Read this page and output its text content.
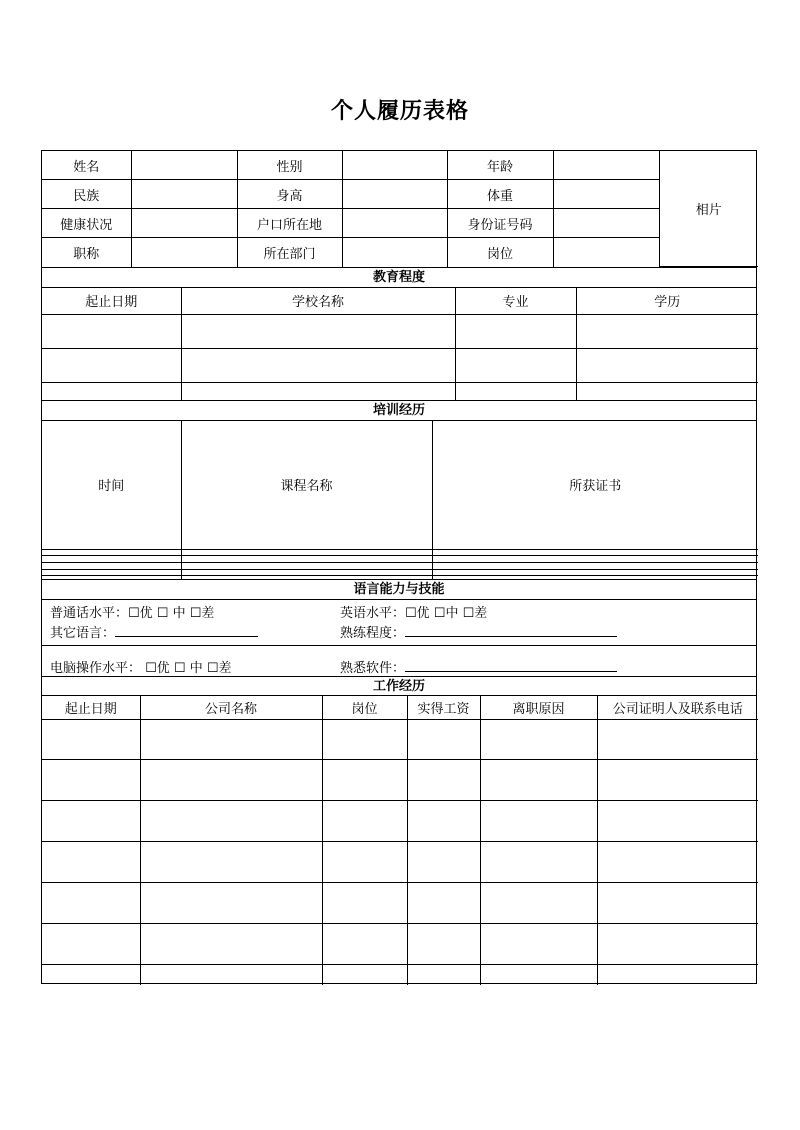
个人履历表格
姓名		性别		年龄		相片
民族		身高		体重		
健康状况		户口所在地		身份证号码		
职称		所在部门		岗位		
教育程度
起止日期	学校名称	专业	学历

培训经历
时间	课程名称	所获证书

语言能力与技能
普通话水平：☐优 ☐ 中 ☐差	英语水平：☐优 ☐中 ☐差
其它语言：	熟练程度：
电脑操作水平： ☐优 ☐ 中 ☐差	熟悉软件：
工作经历
起止日期	公司名称	岗位	实得工资	离职原因	公司证明人及联系电话
